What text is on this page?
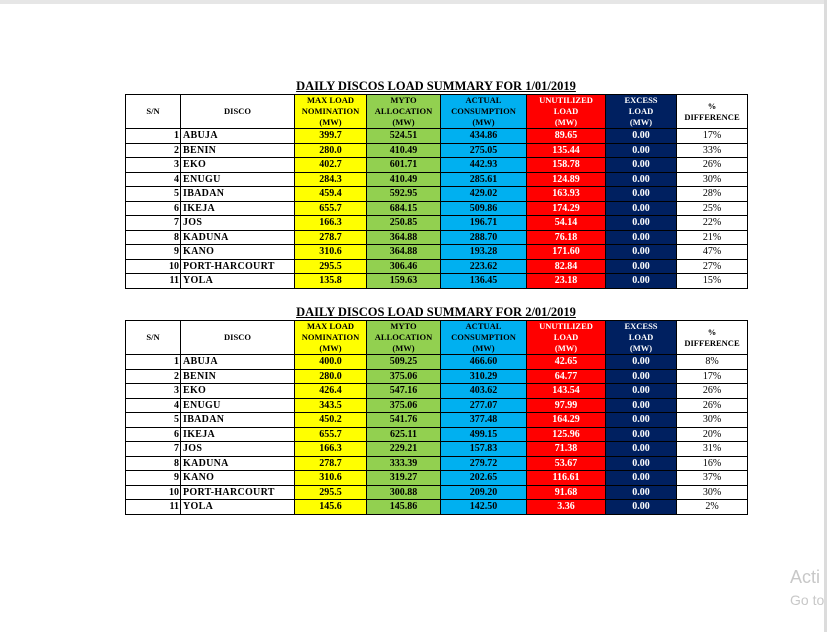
DAILY DISCOS LOAD SUMMARY FOR 1/01/2019
S/N	DISCO	MAX LOAD
NOMINATION
(MW)	MYTO
ALLOCATION
(MW)	ACTUAL
CONSUMPTION
(MW)	UNUTILIZED
LOAD
(MW)	EXCESS
LOAD
(MW)	%
DIFFERENCE

1	ABUJA	399.7	524.51	434.86	89.65	0.00	17%
2	BENIN	280.0	410.49	275.05	135.44	0.00	33%
3	EKO	402.7	601.71	442.93	158.78	0.00	26%
4	ENUGU	284.3	410.49	285.61	124.89	0.00	30%
5	IBADAN	459.4	592.95	429.02	163.93	0.00	28%
6	IKEJA	655.7	684.15	509.86	174.29	0.00	25%
7	JOS	166.3	250.85	196.71	54.14	0.00	22%
8	KADUNA	278.7	364.88	288.70	76.18	0.00	21%
9	KANO	310.6	364.88	193.28	171.60	0.00	47%
10	PORT-HARCOURT	295.5	306.46	223.62	82.84	0.00	27%
11	YOLA	135.8	159.63	136.45	23.18	0.00	15%
DAILY DISCOS LOAD SUMMARY FOR 2/01/2019
S/N	DISCO	MAX LOAD
NOMINATION
(MW)	MYTO
ALLOCATION
(MW)	ACTUAL
CONSUMPTION
(MW)	UNUTILIZED
LOAD
(MW)	EXCESS
LOAD
(MW)	%
DIFFERENCE

1	ABUJA	400.0	509.25	466.60	42.65	0.00	8%
2	BENIN	280.0	375.06	310.29	64.77	0.00	17%
3	EKO	426.4	547.16	403.62	143.54	0.00	26%
4	ENUGU	343.5	375.06	277.07	97.99	0.00	26%
5	IBADAN	450.2	541.76	377.48	164.29	0.00	30%
6	IKEJA	655.7	625.11	499.15	125.96	0.00	20%
7	JOS	166.3	229.21	157.83	71.38	0.00	31%
8	KADUNA	278.7	333.39	279.72	53.67	0.00	16%
9	KANO	310.6	319.27	202.65	116.61	0.00	37%
10	PORT-HARCOURT	295.5	300.88	209.20	91.68	0.00	30%
11	YOLA	145.6	145.86	142.50	3.36	0.00	2%
Acti
Go to
